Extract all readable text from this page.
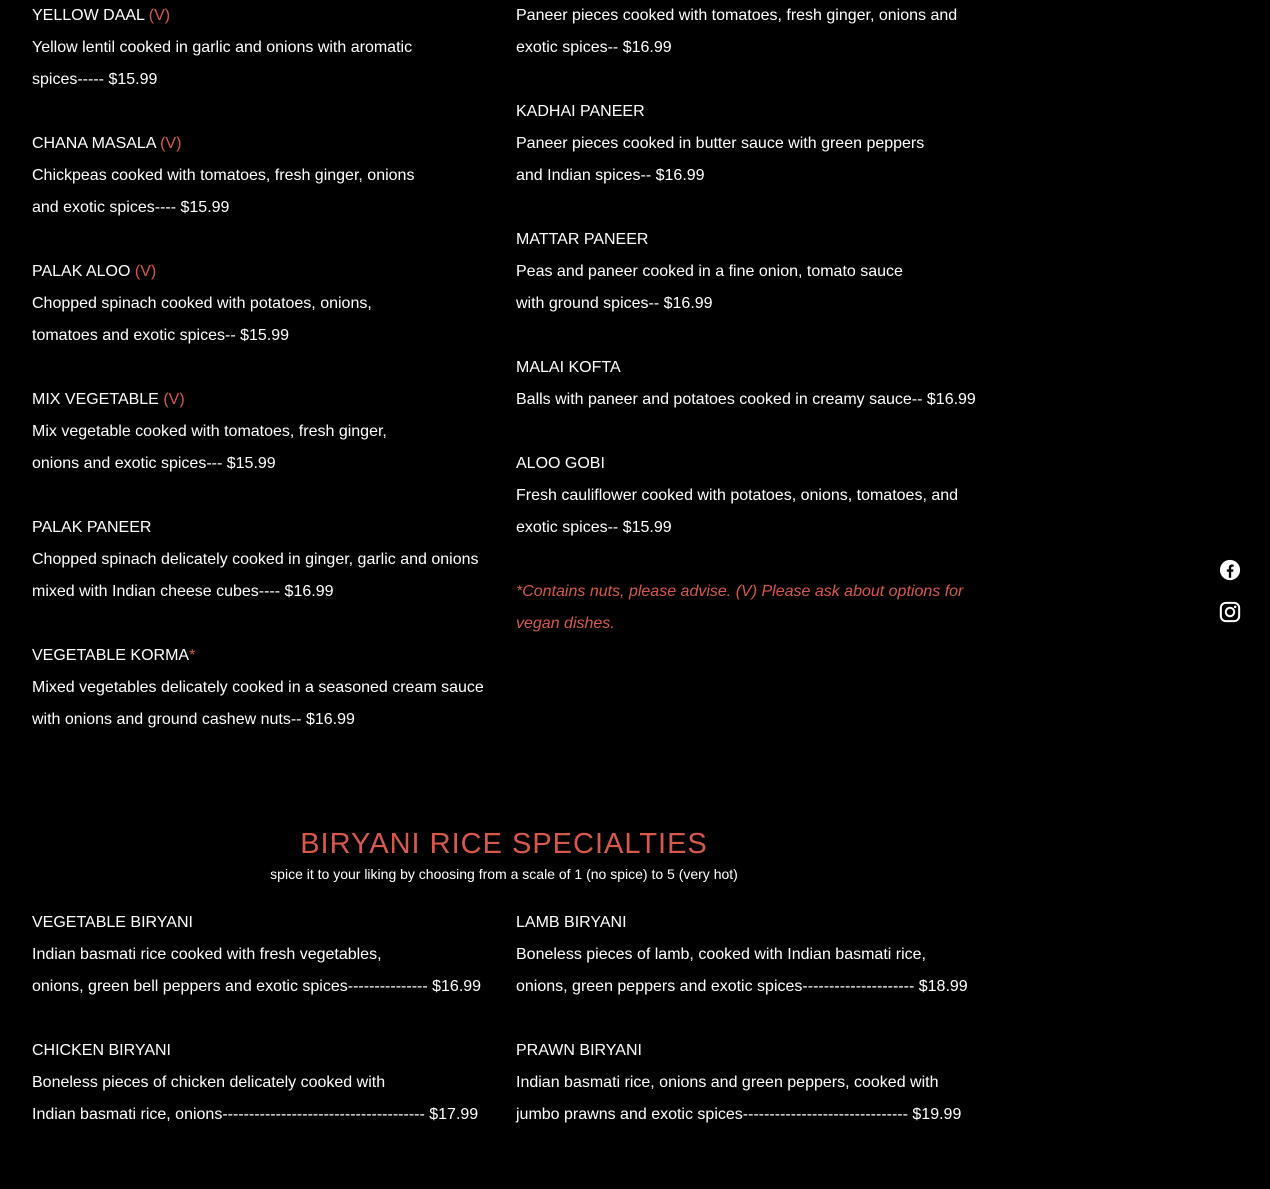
YELLOW DAAL (V)
Yellow lentil cooked in garlic and onions with aromatic
spices----- $15.99
CHANA MASALA (V)
Chickpeas cooked with tomatoes, fresh ginger, onions
and exotic spices---- $15.99
PALAK ALOO (V)
Chopped spinach cooked with potatoes, onions,
tomatoes and exotic spices-- $15.99
MIX VEGETABLE (V)
Mix vegetable cooked with tomatoes, fresh ginger,
onions and exotic spices--- $15.99
PALAK PANEER
Chopped spinach delicately cooked in ginger, garlic and onions
mixed with Indian cheese cubes---- $16.99
VEGETABLE KORMA*
Mixed vegetables delicately cooked in a seasoned cream sauce
with onions and ground cashew nuts-- $16.99
Paneer pieces cooked with tomatoes, fresh ginger, onions and
exotic spices-- $16.99
KADHAI PANEER
Paneer pieces cooked in butter sauce with green peppers
and Indian spices-- $16.99
MATTAR PANEER
Peas and paneer cooked in a fine onion, tomato sauce
with ground spices-- $16.99
MALAI KOFTA
Balls with paneer and potatoes cooked in creamy sauce-- $16.99
ALOO GOBI
Fresh cauliflower cooked with potatoes, onions, tomatoes, and
exotic spices-- $15.99
*Contains nuts, please advise. (V) Please ask about options for vegan dishes.
BIRYANI RICE SPECIALTIES
spice it to your liking by choosing from a scale of 1 (no spice) to 5 (very hot)
VEGETABLE BIRYANI
Indian basmati rice cooked with fresh vegetables,
onions, green bell peppers and exotic spices--------------- $16.99
CHICKEN BIRYANI
Boneless pieces of chicken delicately cooked with
Indian basmati rice, onions-------------------------------------- $17.99
LAMB BIRYANI
Boneless pieces of lamb, cooked with Indian basmati rice,
onions, green peppers and exotic spices--------------------- $18.99
PRAWN BIRYANI
Indian basmati rice, onions and green peppers, cooked with
jumbo prawns and exotic spices------------------------------- $19.99
